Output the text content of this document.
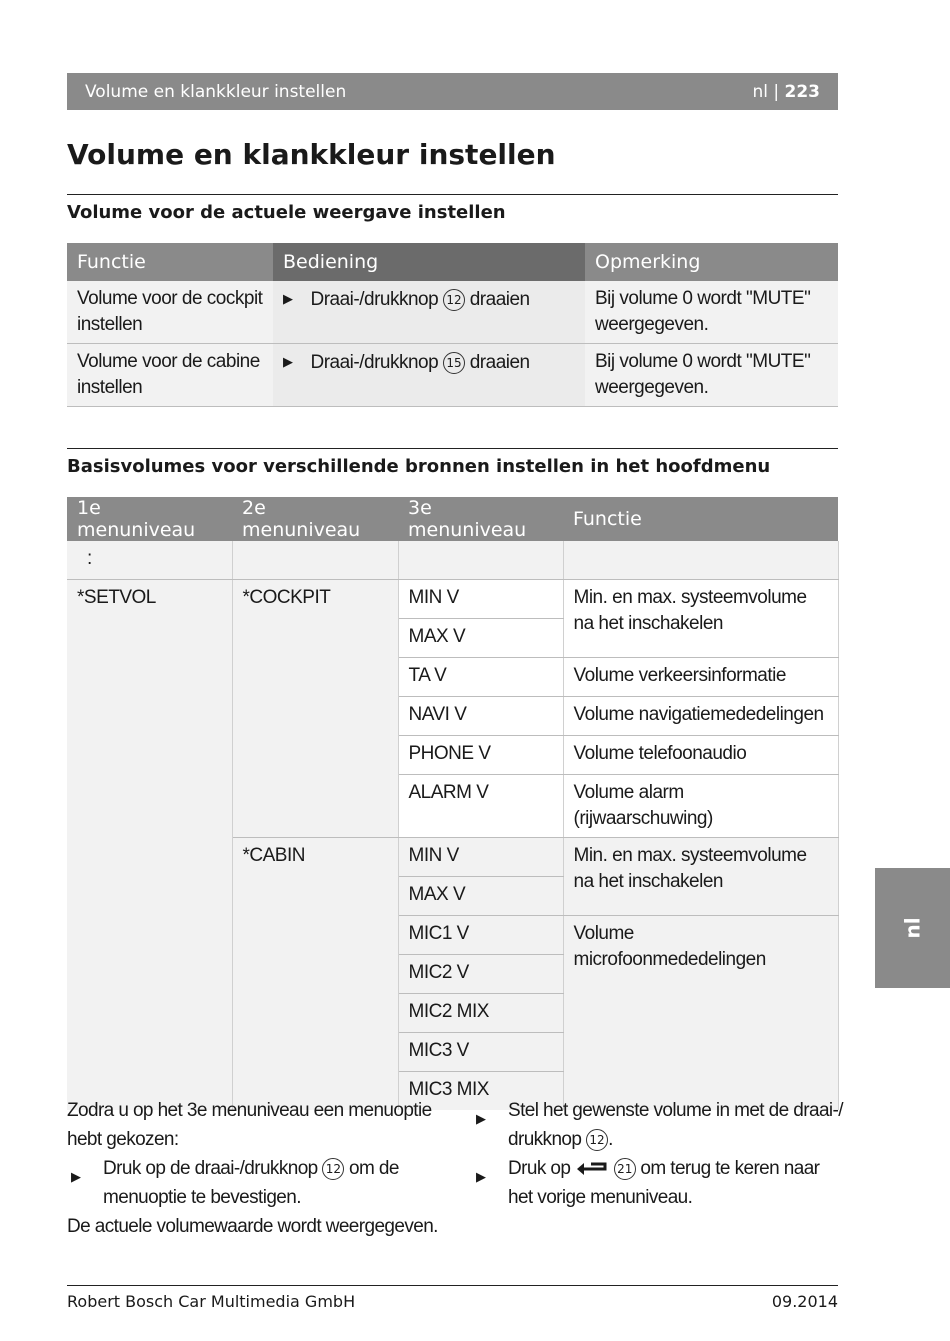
Volume en klankkleur instellen	nl | 223
Volume en klankkleur instellen
Volume voor de actuele weergave instellen
Functie	Bediening	Opmerking
Volume voor de cockpit instellen	▶ Draai-/drukknop 12 draaien	Bij volume 0 wordt "MUTE" weergegeven.
Volume voor de cabine instellen	▶ Draai-/drukknop 15 draaien	Bij volume 0 wordt "MUTE" weergegeven.
Basisvolumes voor verschillende bronnen instellen in het hoofdmenu
1e menuniveau	2e menuniveau	3e menuniveau	Functie
:			
*SETVOL	*COCKPIT	MIN V	Min. en max. systeemvolume na het inschakelen
		MAX V	
		TA V	Volume verkeersinformatie
		NAVI V	Volume navigatiemededelingen
		PHONE V	Volume telefoonaudio
		ALARM V	Volume alarm (rijwaarschuwing)
	*CABIN	MIN V	Min. en max. systeemvolume na het inschakelen
		MAX V	
		MIC1 V	Volume microfoonmededelingen
		MIC2 V	
		MIC2 MIX	
		MIC3 V	
		MIC3 MIX	
Zodra u op het 3e menuniveau een menuoptie hebt gekozen:
▶ Druk op de draai-/drukknop 12 om de menuoptie te bevestigen.
De actuele volumewaarde wordt weergegeven.
▶ Stel het gewenste volume in met de draai-/ drukknop 12 .
▶ Druk op	21 om terug te keren naar het vorige menuniveau.
nl
Robert Bosch Car Multimedia GmbH	09.2014
